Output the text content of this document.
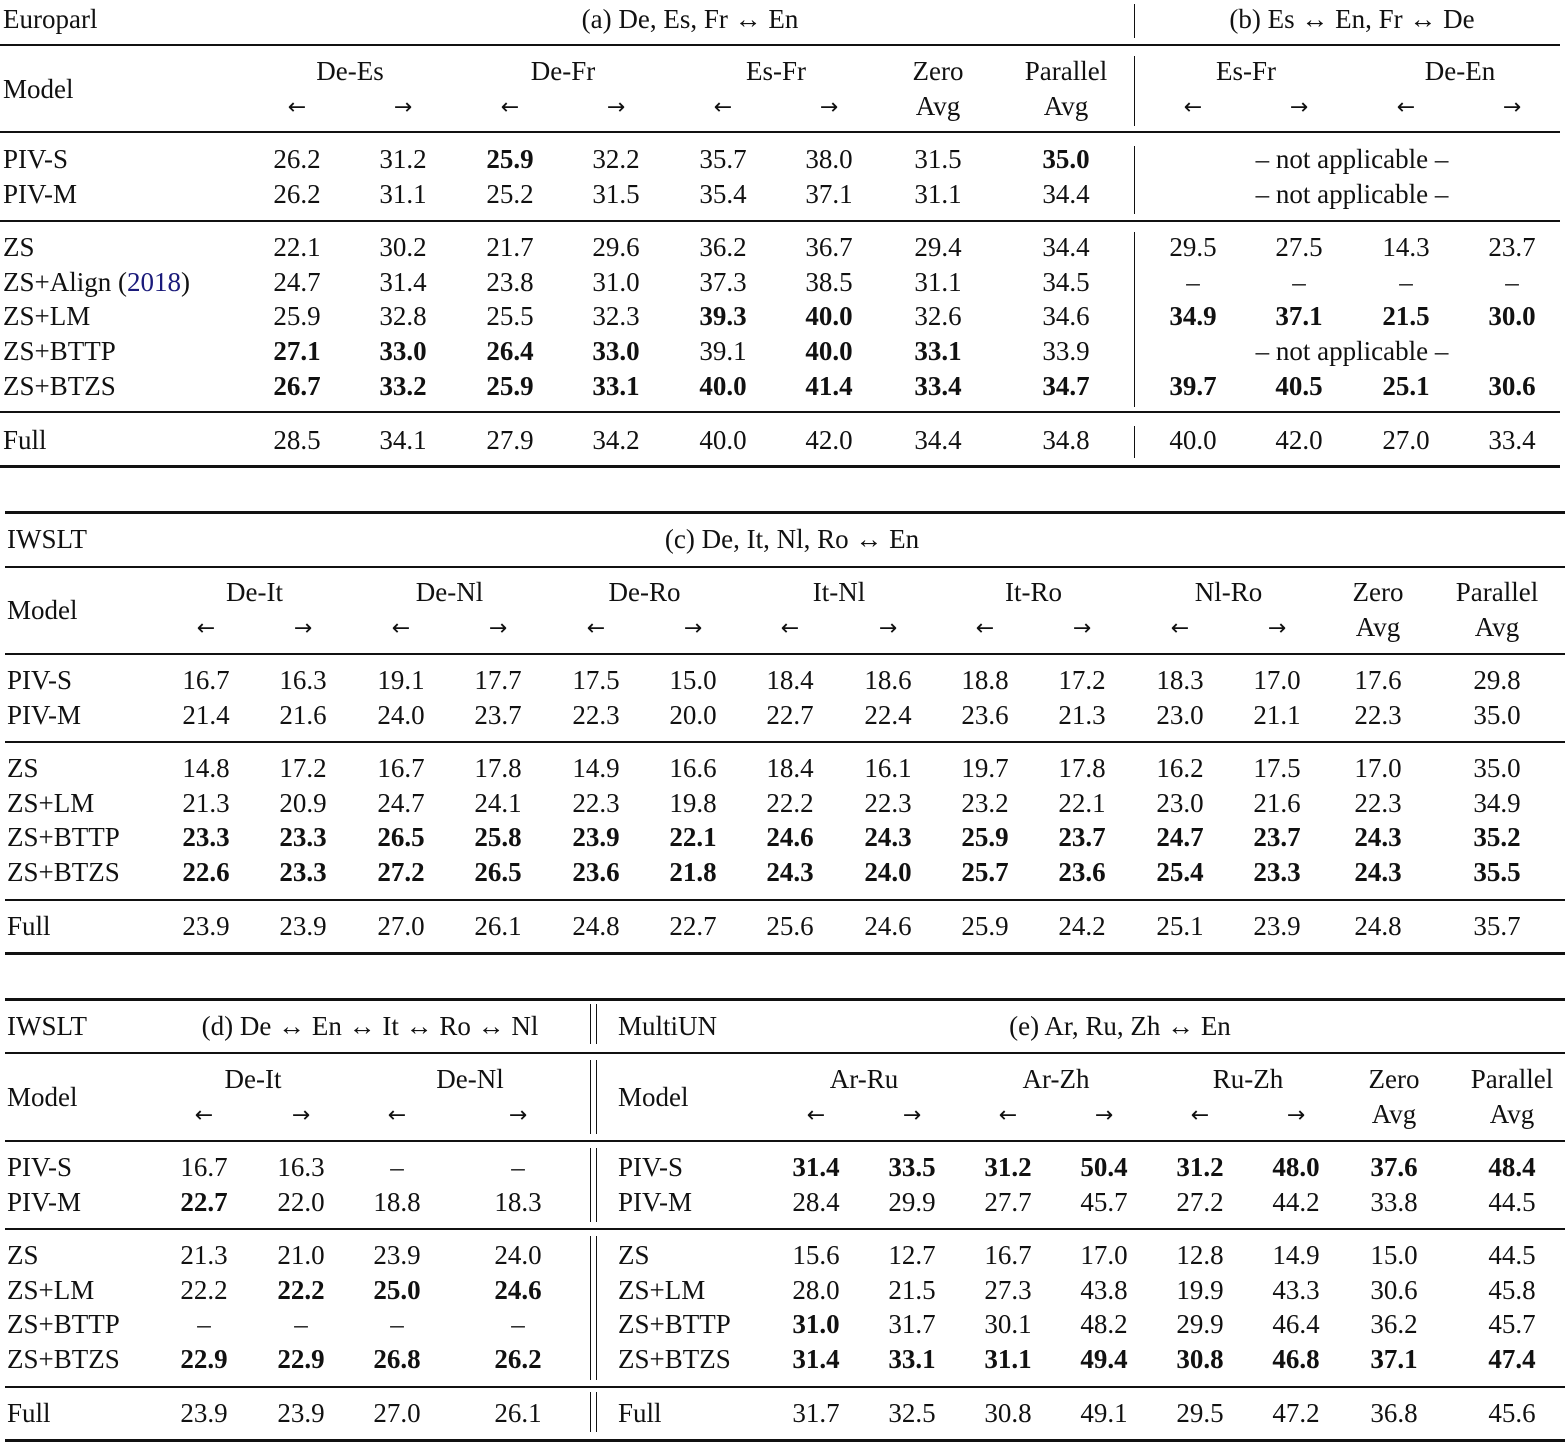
Europarl	(a) De, Es, Fr ↔ En	(b) Es ↔ En, Fr ↔ De
Model
De-Es	De-Fr	Es-Fr
←	→	←	→	←	→
Zero
Avg
Parallel
Avg
Es-Fr	De-En
←	→	←	→
PIV-S	26.2 31.2 25.9 32.2 35.7 38.0 31.5	35.0	– not applicable –
PIV-M	26.2 31.1 25.2 31.5 35.4 37.1 31.1	34.4	– not applicable –
ZS	22.1 30.2 21.7 29.6 36.2 36.7 29.4	34.4	29.5 27.5 14.3 23.7
ZS+Align (2018)	24.7 31.4 23.8 31.0 37.3 38.5 31.1	34.5	–	–	–	–
ZS+LM	25.9 32.8 25.5 32.3 39.3 40.0 32.6	34.6	34.9 37.1 21.5 30.0
ZS+BTTP	27.1 33.0 26.4 33.0 39.1 40.0 33.1	33.9	– not applicable –
ZS+BTZS	26.7 33.2 25.9 33.1 40.0 41.4 33.4	34.7	39.7 40.5 25.1 30.6
Full	28.5 34.1 27.9 34.2 40.0 42.0 34.4	34.8	40.0 42.0 27.0 33.4
IWSLT	(c) De, It, Nl, Ro ↔ En
Model
De-It	De-Nl	De-Ro	It-Nl	It-Ro	Nl-Ro
←	→	←	→	←	→	←	→	←	→	←	→
Zero
Avg
Parallel
Avg
PIV-S	16.7 16.3 19.1 17.7 17.5 15.0 18.4 18.6 18.8 17.2 18.3 17.0 17.6	29.8
PIV-M	21.4 21.6 24.0 23.7 22.3 20.0 22.7 22.4 23.6 21.3 23.0 21.1 22.3	35.0
ZS	14.8 17.2 16.7 17.8 14.9 16.6 18.4 16.1 19.7 17.8 16.2 17.5 17.0	35.0
ZS+LM	21.3 20.9 24.7 24.1 22.3 19.8 22.2 22.3 23.2 22.1 23.0 21.6 22.3	34.9
ZS+BTTP 23.3 23.3 26.5 25.8 23.9 22.1 24.6 24.3 25.9 23.7 24.7 23.7 24.3	35.2
ZS+BTZS 22.6 23.3 27.2 26.5 23.6 21.8 24.3 24.0 25.7 23.6 25.4 23.3 24.3	35.5
Full	23.9 23.9 27.0 26.1 24.8 22.7 25.6 24.6 25.9 24.2 25.1 23.9 24.8	35.7
IWSLT	(d) De ↔ En ↔ It ↔ Ro ↔ Nl
Model
De-It	De-Nl
←	→	←	→
PIV-S	16.7 16.3 –	–
PIV-M	22.7 22.0 18.8	18.3
ZS	21.3 21.0 23.9	24.0
ZS+LM	22.2 22.2 25.0	24.6
ZS+BTTP	–	–	–	–
ZS+BTZS 22.9 22.9 26.8	26.2
Full	23.9 23.9 27.0	26.1
MultiUN	(e) Ar, Ru, Zh ↔ En
Model
Ar-Ru	Ar-Zh	Ru-Zh
←	→	←	→	←	→
Zero
Avg
Parallel
Avg
PIV-S	31.4 33.5 31.2 50.4 31.2 48.0 37.6	48.4
PIV-M	28.4 29.9 27.7 45.7 27.2 44.2 33.8	44.5
ZS	15.6 12.7 16.7 17.0 12.8 14.9 15.0	44.5
ZS+LM	28.0 21.5 27.3 43.8 19.9 43.3 30.6	45.8
ZS+BTTP 31.0 31.7 30.1 48.2 29.9 46.4 36.2	45.7
ZS+BTZS 31.4 33.1 31.1 49.4 30.8 46.8 37.1	47.4
Full	31.7 32.5 30.8 49.1 29.5 47.2 36.8	45.6
